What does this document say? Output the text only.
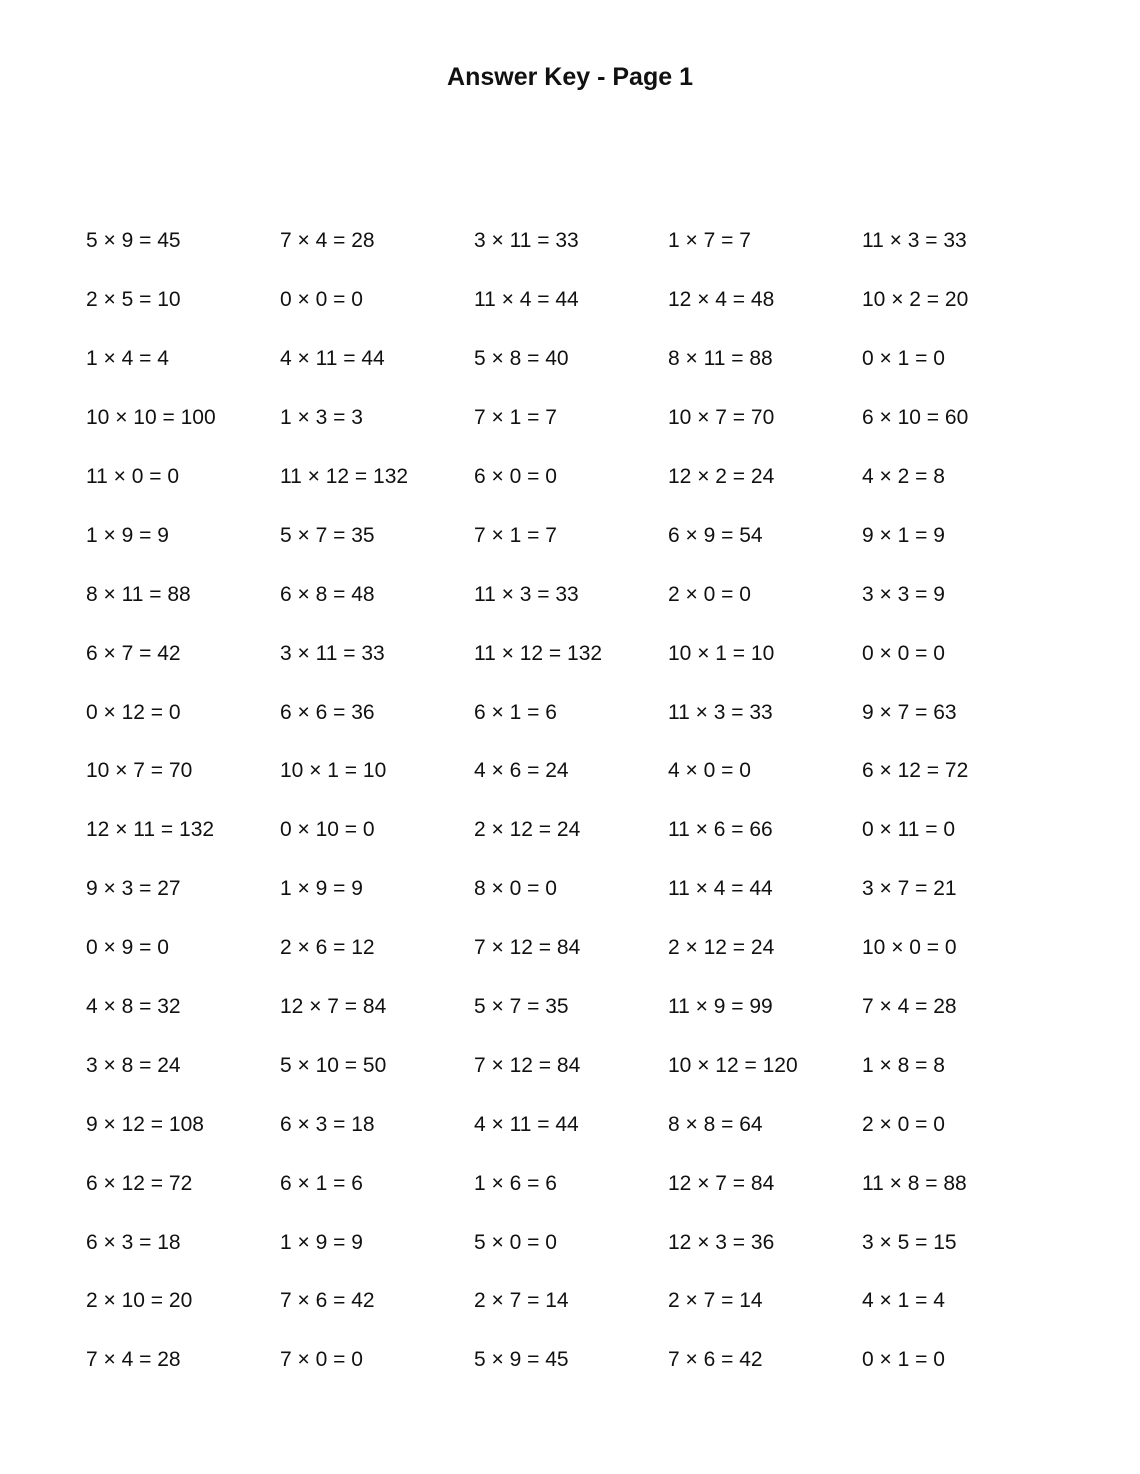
Answer Key - Page 1
5 × 9 = 45	7 × 4 = 28	3 × 11 = 33	1 × 7 = 7	11 × 3 = 33
2 × 5 = 10	0 × 0 = 0	11 × 4 = 44	12 × 4 = 48	10 × 2 = 20
1 × 4 = 4	4 × 11 = 44	5 × 8 = 40	8 × 11 = 88	0 × 1 = 0
10 × 10 = 100	1 × 3 = 3	7 × 1 = 7	10 × 7 = 70	6 × 10 = 60
11 × 0 = 0	11 × 12 = 132	6 × 0 = 0	12 × 2 = 24	4 × 2 = 8
1 × 9 = 9	5 × 7 = 35	7 × 1 = 7	6 × 9 = 54	9 × 1 = 9
8 × 11 = 88	6 × 8 = 48	11 × 3 = 33	2 × 0 = 0	3 × 3 = 9
6 × 7 = 42	3 × 11 = 33	11 × 12 = 132	10 × 1 = 10	0 × 0 = 0
0 × 12 = 0	6 × 6 = 36	6 × 1 = 6	11 × 3 = 33	9 × 7 = 63
10 × 7 = 70	10 × 1 = 10	4 × 6 = 24	4 × 0 = 0	6 × 12 = 72
12 × 11 = 132	0 × 10 = 0	2 × 12 = 24	11 × 6 = 66	0 × 11 = 0
9 × 3 = 27	1 × 9 = 9	8 × 0 = 0	11 × 4 = 44	3 × 7 = 21
0 × 9 = 0	2 × 6 = 12	7 × 12 = 84	2 × 12 = 24	10 × 0 = 0
4 × 8 = 32	12 × 7 = 84	5 × 7 = 35	11 × 9 = 99	7 × 4 = 28
3 × 8 = 24	5 × 10 = 50	7 × 12 = 84	10 × 12 = 120	1 × 8 = 8
9 × 12 = 108	6 × 3 = 18	4 × 11 = 44	8 × 8 = 64	2 × 0 = 0
6 × 12 = 72	6 × 1 = 6	1 × 6 = 6	12 × 7 = 84	11 × 8 = 88
6 × 3 = 18	1 × 9 = 9	5 × 0 = 0	12 × 3 = 36	3 × 5 = 15
2 × 10 = 20	7 × 6 = 42	2 × 7 = 14	2 × 7 = 14	4 × 1 = 4
7 × 4 = 28	7 × 0 = 0	5 × 9 = 45	7 × 6 = 42	0 × 1 = 0
